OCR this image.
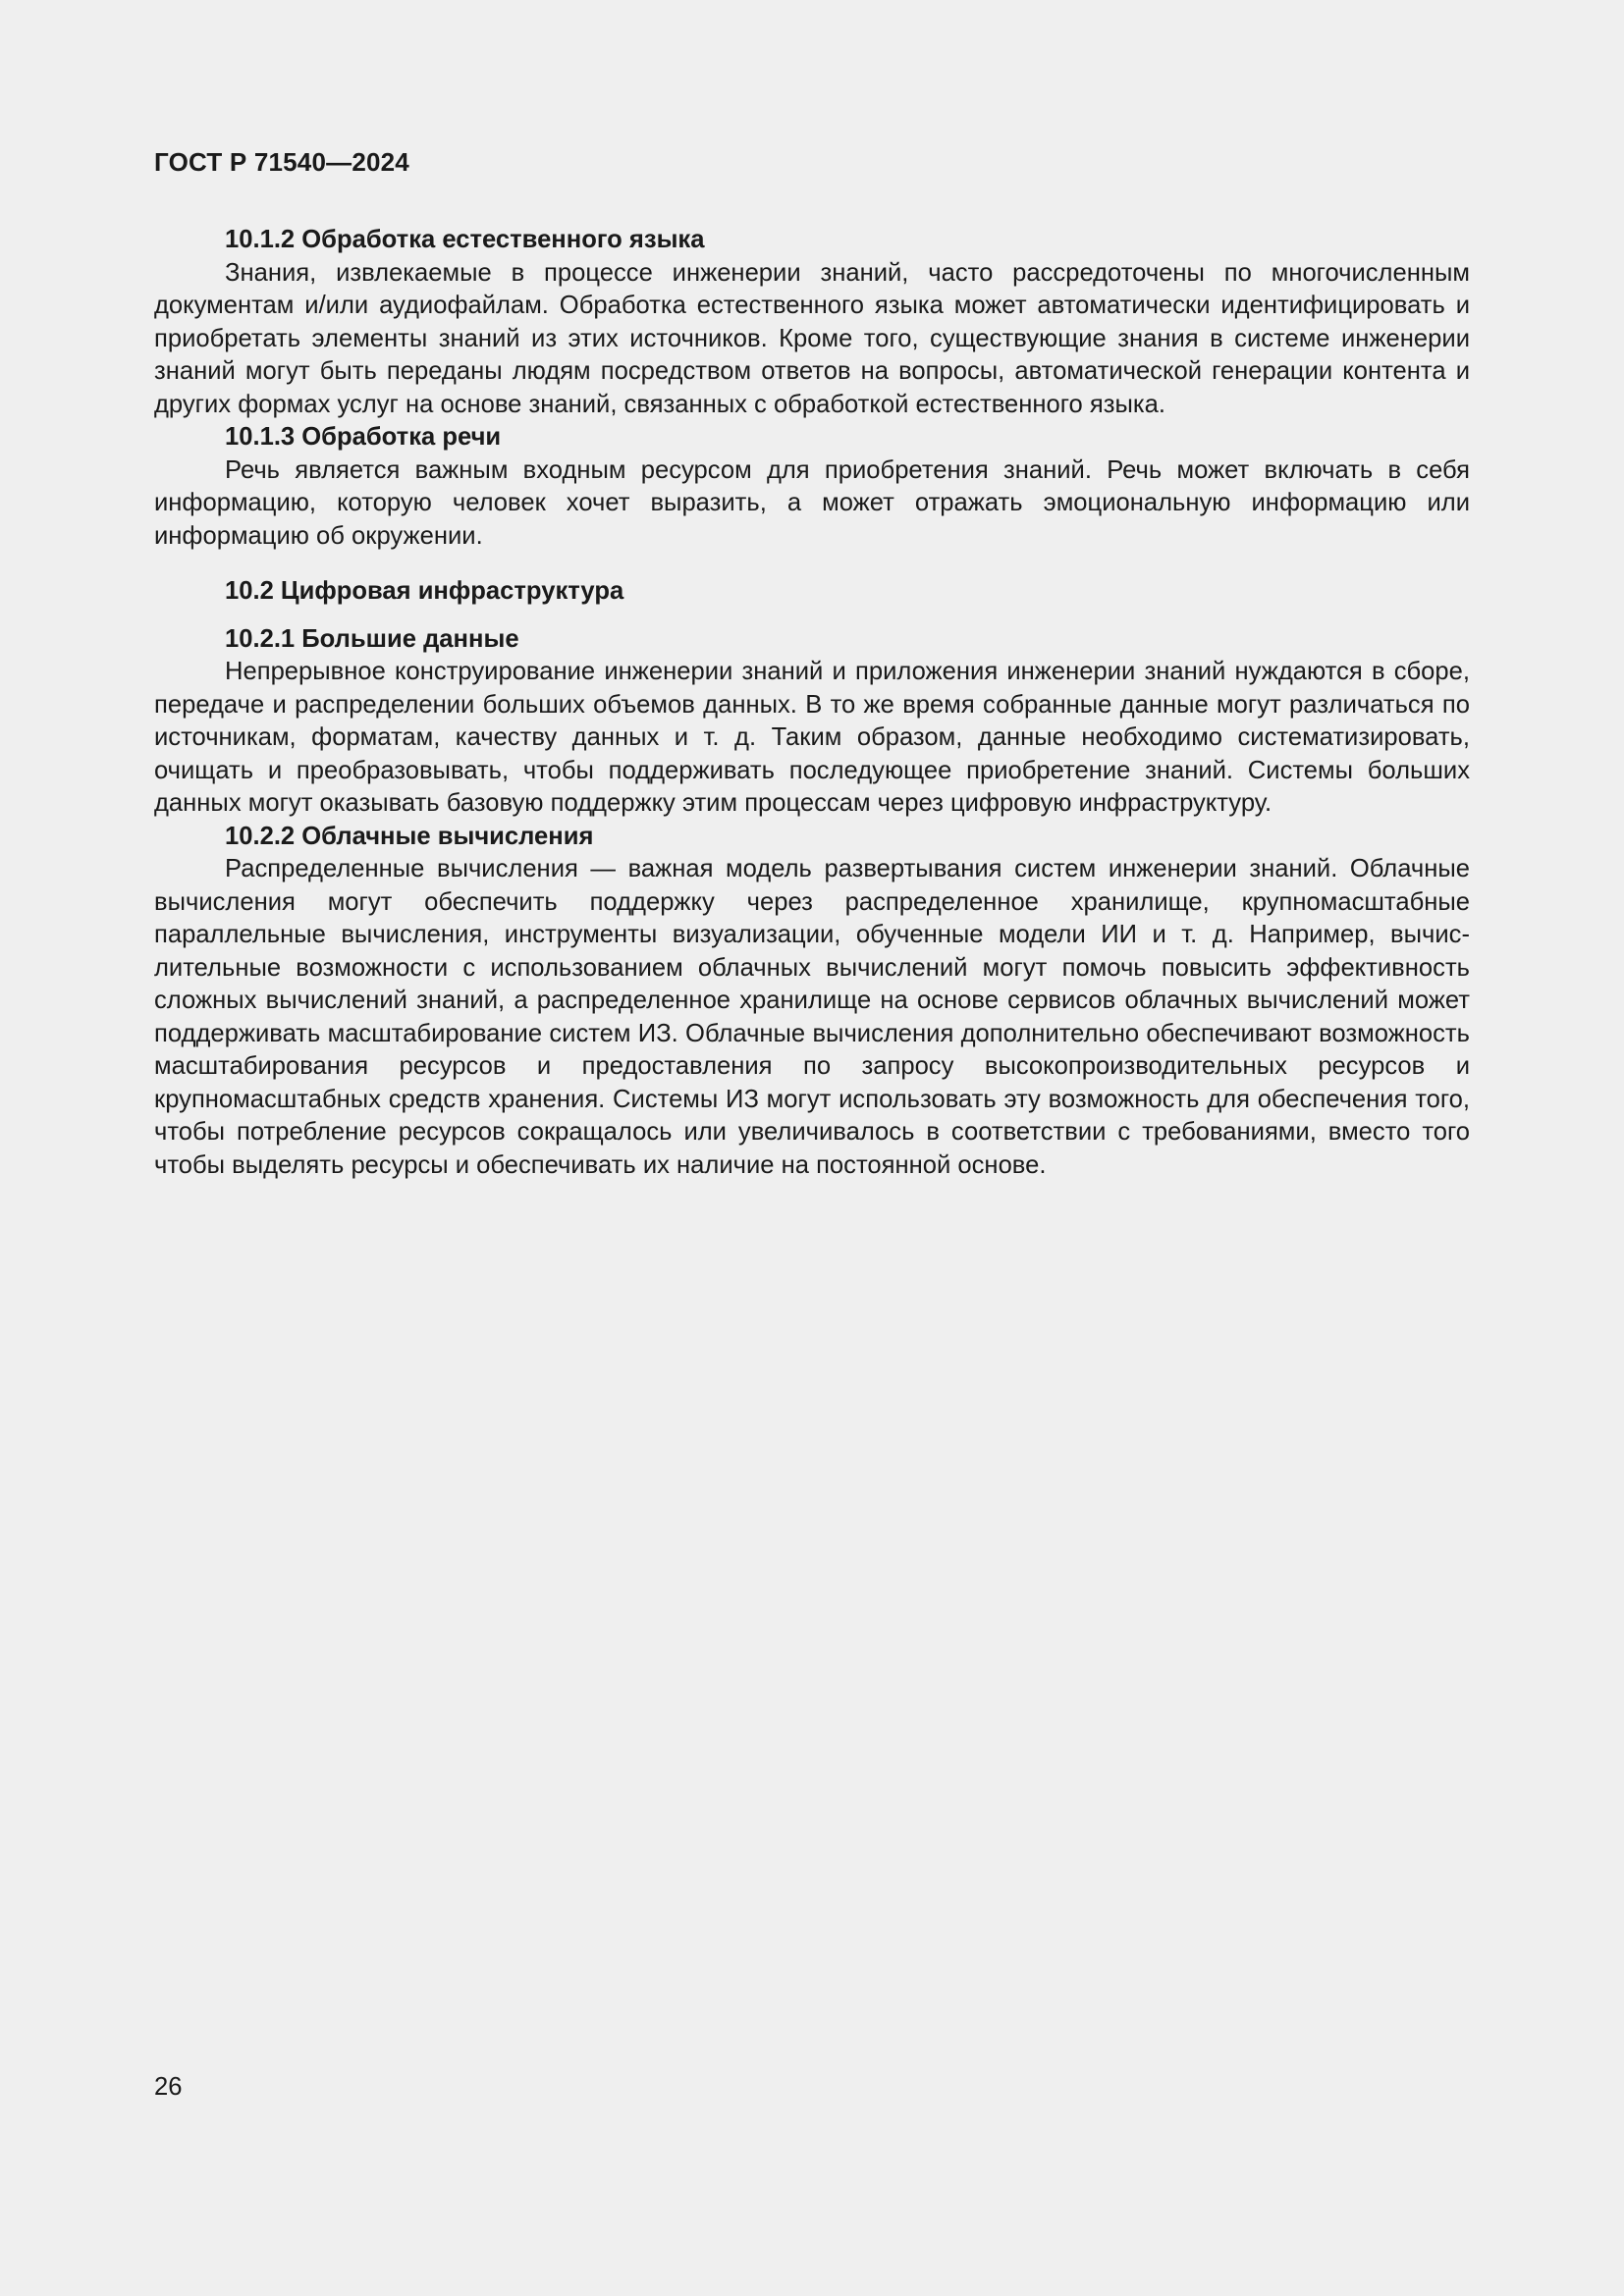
ГОСТ Р 71540—2024
10.1.2 Обработка естественного языка

Знания, извлекаемые в процессе инженерии знаний, часто рассредоточены по многочисленным документам и/или аудиофайлам. Обработка естественного языка может автоматически идентифицировать и приобретать элементы знаний из этих источников. Кроме того, существующие знания в системе инженерии знаний могут быть переданы людям посредством ответов на вопросы, автоматической генерации контента и других формах услуг на основе знаний, связанных с обработкой естественного языка.

10.1.3 Обработка речи

Речь является важным входным ресурсом для приобретения знаний. Речь может включать в себя информацию, которую человек хочет выразить, а может отражать эмоциональную информацию или информацию об окружении.

10.2 Цифровая инфраструктура
10.2.1 Большие данные

Непрерывное конструирование инженерии знаний и приложения инженерии знаний нуждаются в сборе, передаче и распределении больших объемов данных. В то же время собранные данные могут различаться по источникам, форматам, качеству данных и т. д. Таким образом, данные необходимо систематизировать, очищать и преобразовывать, чтобы поддерживать последующее приобретение знаний. Системы больших данных могут оказывать базовую поддержку этим процессам через цифровую инфраструктуру.

10.2.2 Облачные вычисления

Распределенные вычисления — важная модель развертывания систем инженерии знаний. Облачные вычисления могут обеспечить поддержку через распределенное хранилище, крупномасштабные параллельные вычисления, инструменты визуализации, обученные модели ИИ и т. д. Например, вычислительные возможности с использованием облачных вычислений могут помочь повысить эффективность сложных вычислений знаний, а распределенное хранилище на основе сервисов облачных вычислений может поддерживать масштабирование систем ИЗ. Облачные вычисления дополнительно обеспечивают возможность масштабирования ресурсов и предоставления по запросу высокопроизводительных ресурсов и крупномасштабных средств хранения. Системы ИЗ могут использовать эту возможность для обеспечения того, чтобы потребление ресурсов сокращалось или увеличивалось в соответствии с требованиями, вместо того чтобы выделять ресурсы и обеспечивать их наличие на постоянной основе.

26
